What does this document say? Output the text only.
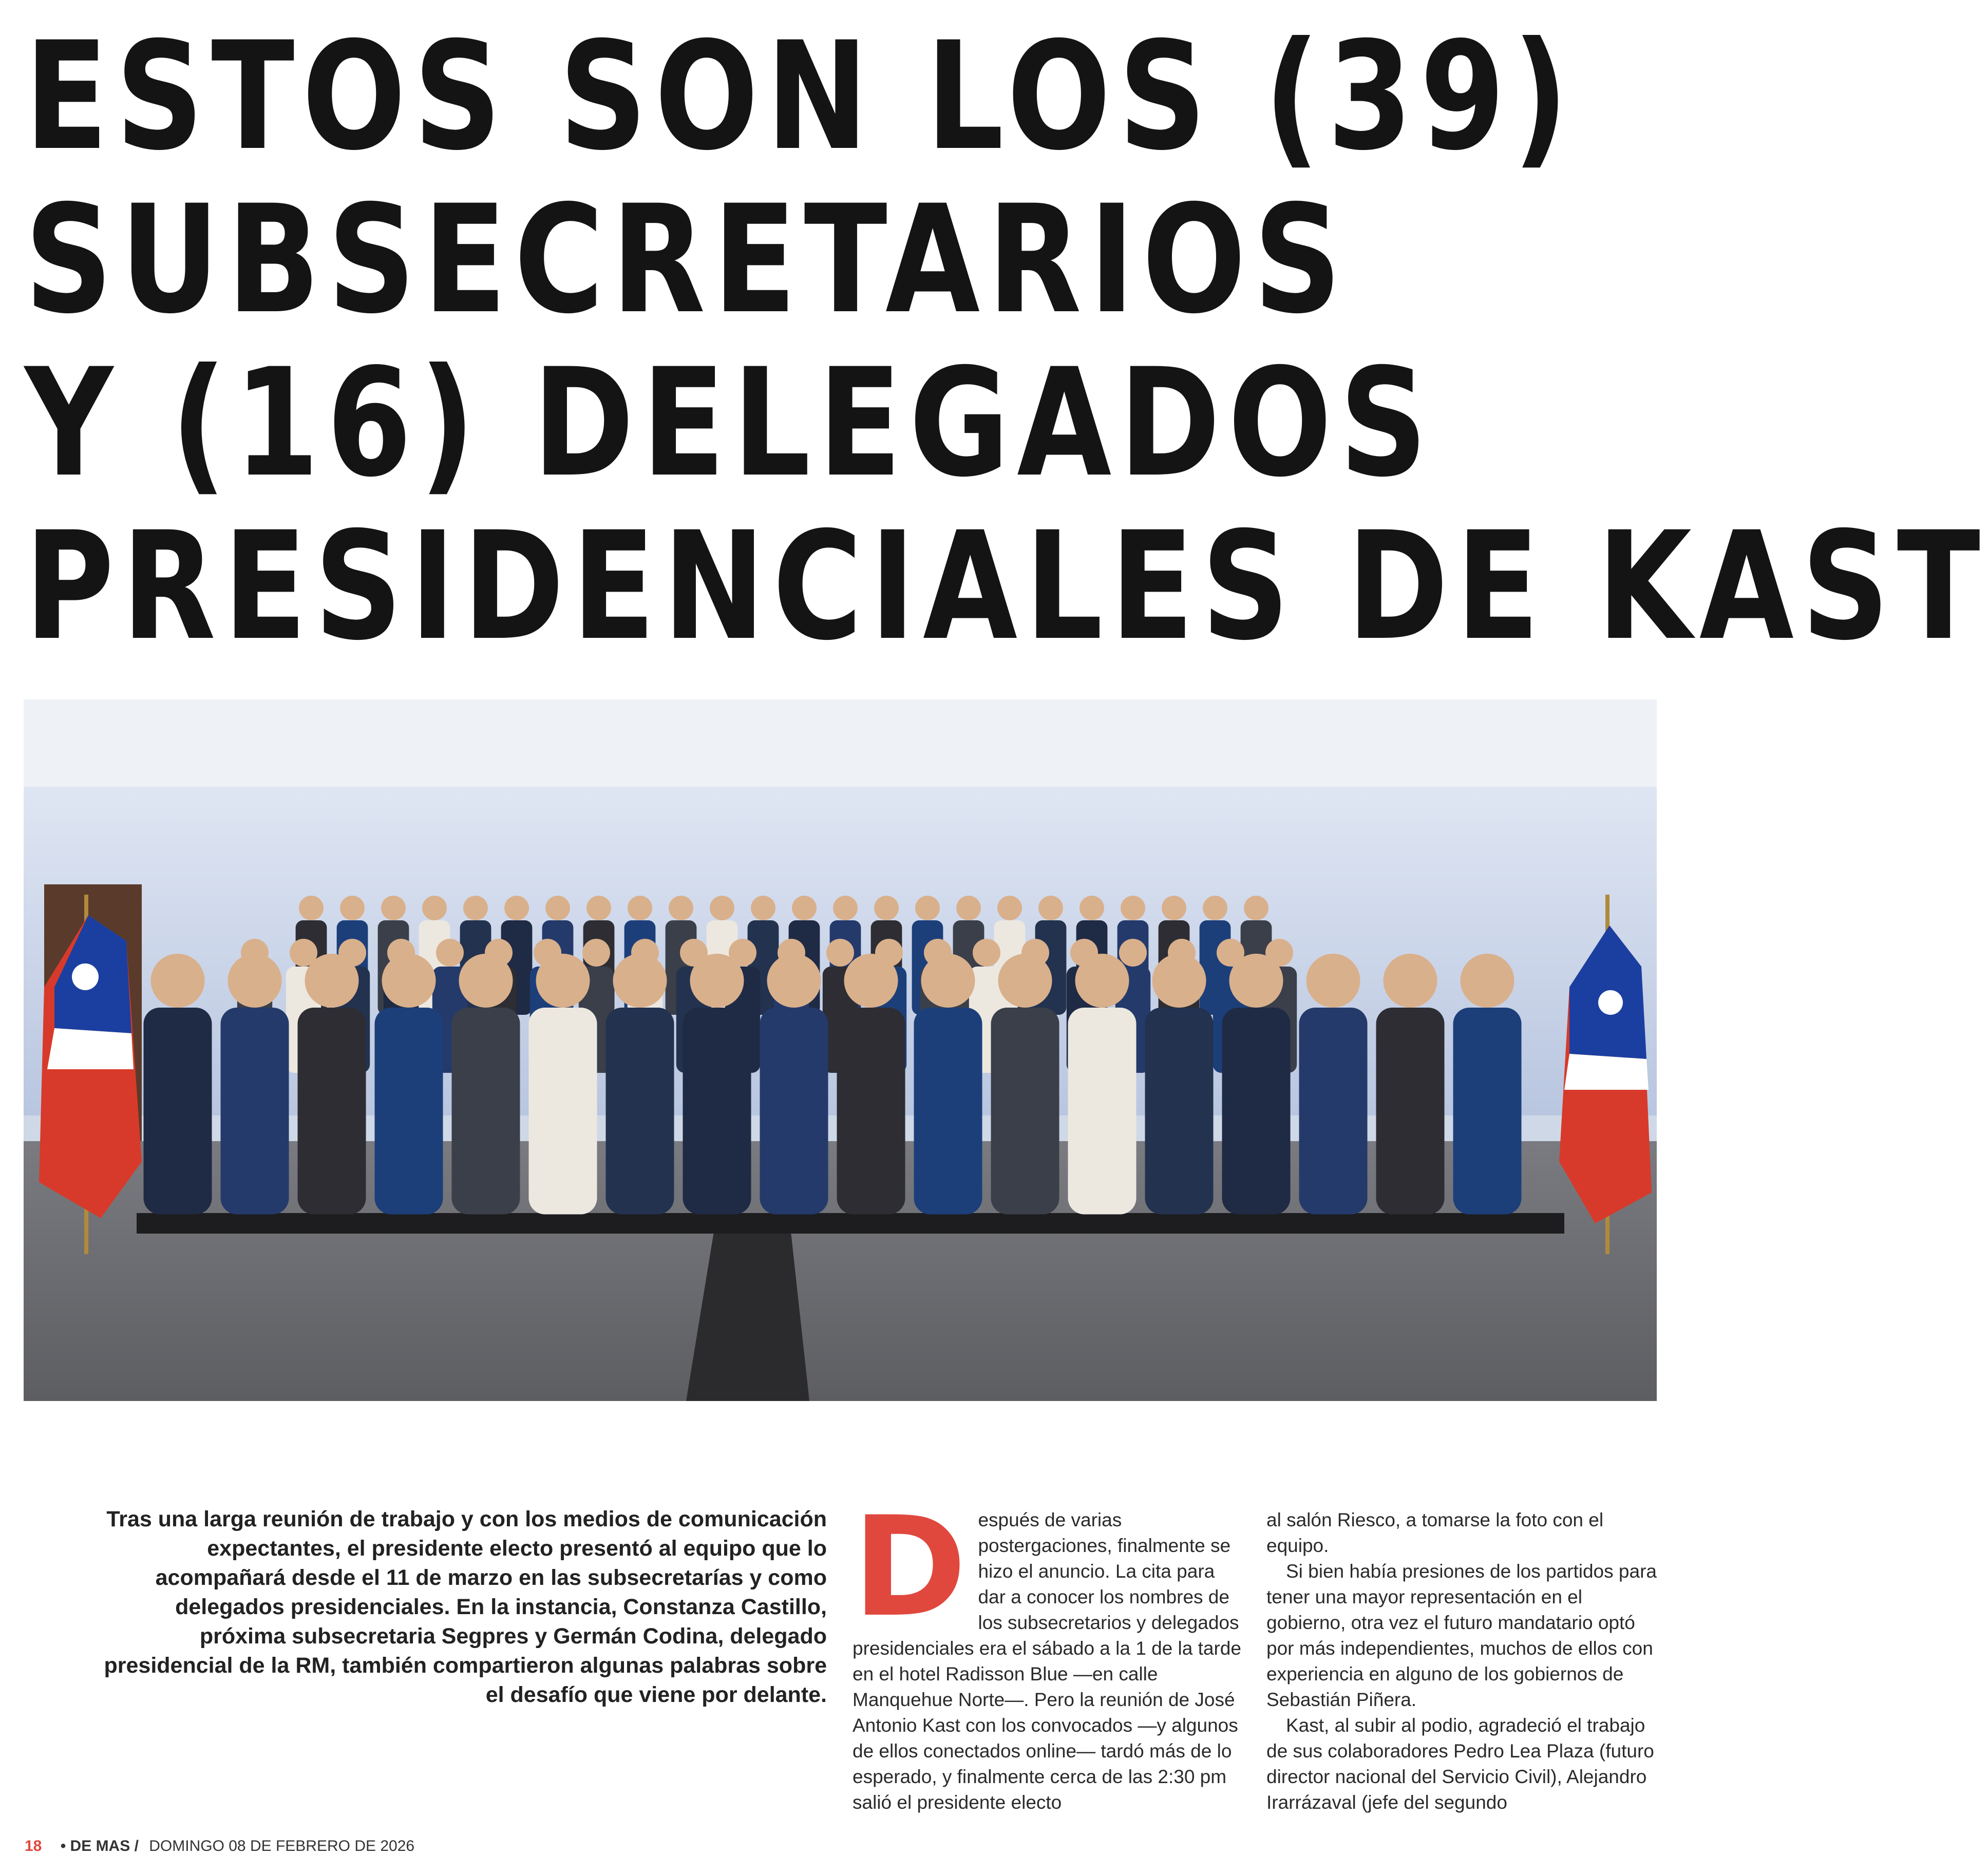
ESTOS SON LOS (39)
SUBSECRETARIOS
Y (16) DELEGADOS
PRESIDENCIALES DE KAST

Tras una larga reunión de trabajo y con los medios de comunicación expectantes, el presidente electo presentó al equipo que lo acompañará desde el 11 de marzo en las subsecretarías y como delegados presidenciales. En la instancia, Constanza Castillo, próxima subsecretaria Segpres y Germán Codina, delegado presidencial de la RM, también compartieron algunas palabras sobre el desafío que viene por delante.

D espués de varias postergaciones, finalmente se hizo el anuncio. La cita para dar a conocer los nombres de los subsecretarios y delegados presidenciales era el sábado a la 1 de la tarde en el hotel Radisson Blue —en calle Manquehue Norte—. Pero la reunión de José Antonio Kast con los convocados —y algunos de ellos conectados online— tardó más de lo esperado, y finalmente cerca de las 2:30 pm salió el presidente electo

al salón Riesco, a tomarse la foto con el equipo.

Si bien había presiones de los partidos para tener una mayor representación en el gobierno, otra vez el futuro mandatario optó por más independientes, muchos de ellos con experiencia en alguno de los gobiernos de Sebastián Piñera.

Kast, al subir al podio, agradeció el trabajo de sus colaboradores Pedro Lea Plaza (futuro director nacional del Servicio Civil), Alejandro Irarrázaval (jefe del segundo

18 • DE MAS / DOMINGO 08 DE FEBRERO DE 2026
